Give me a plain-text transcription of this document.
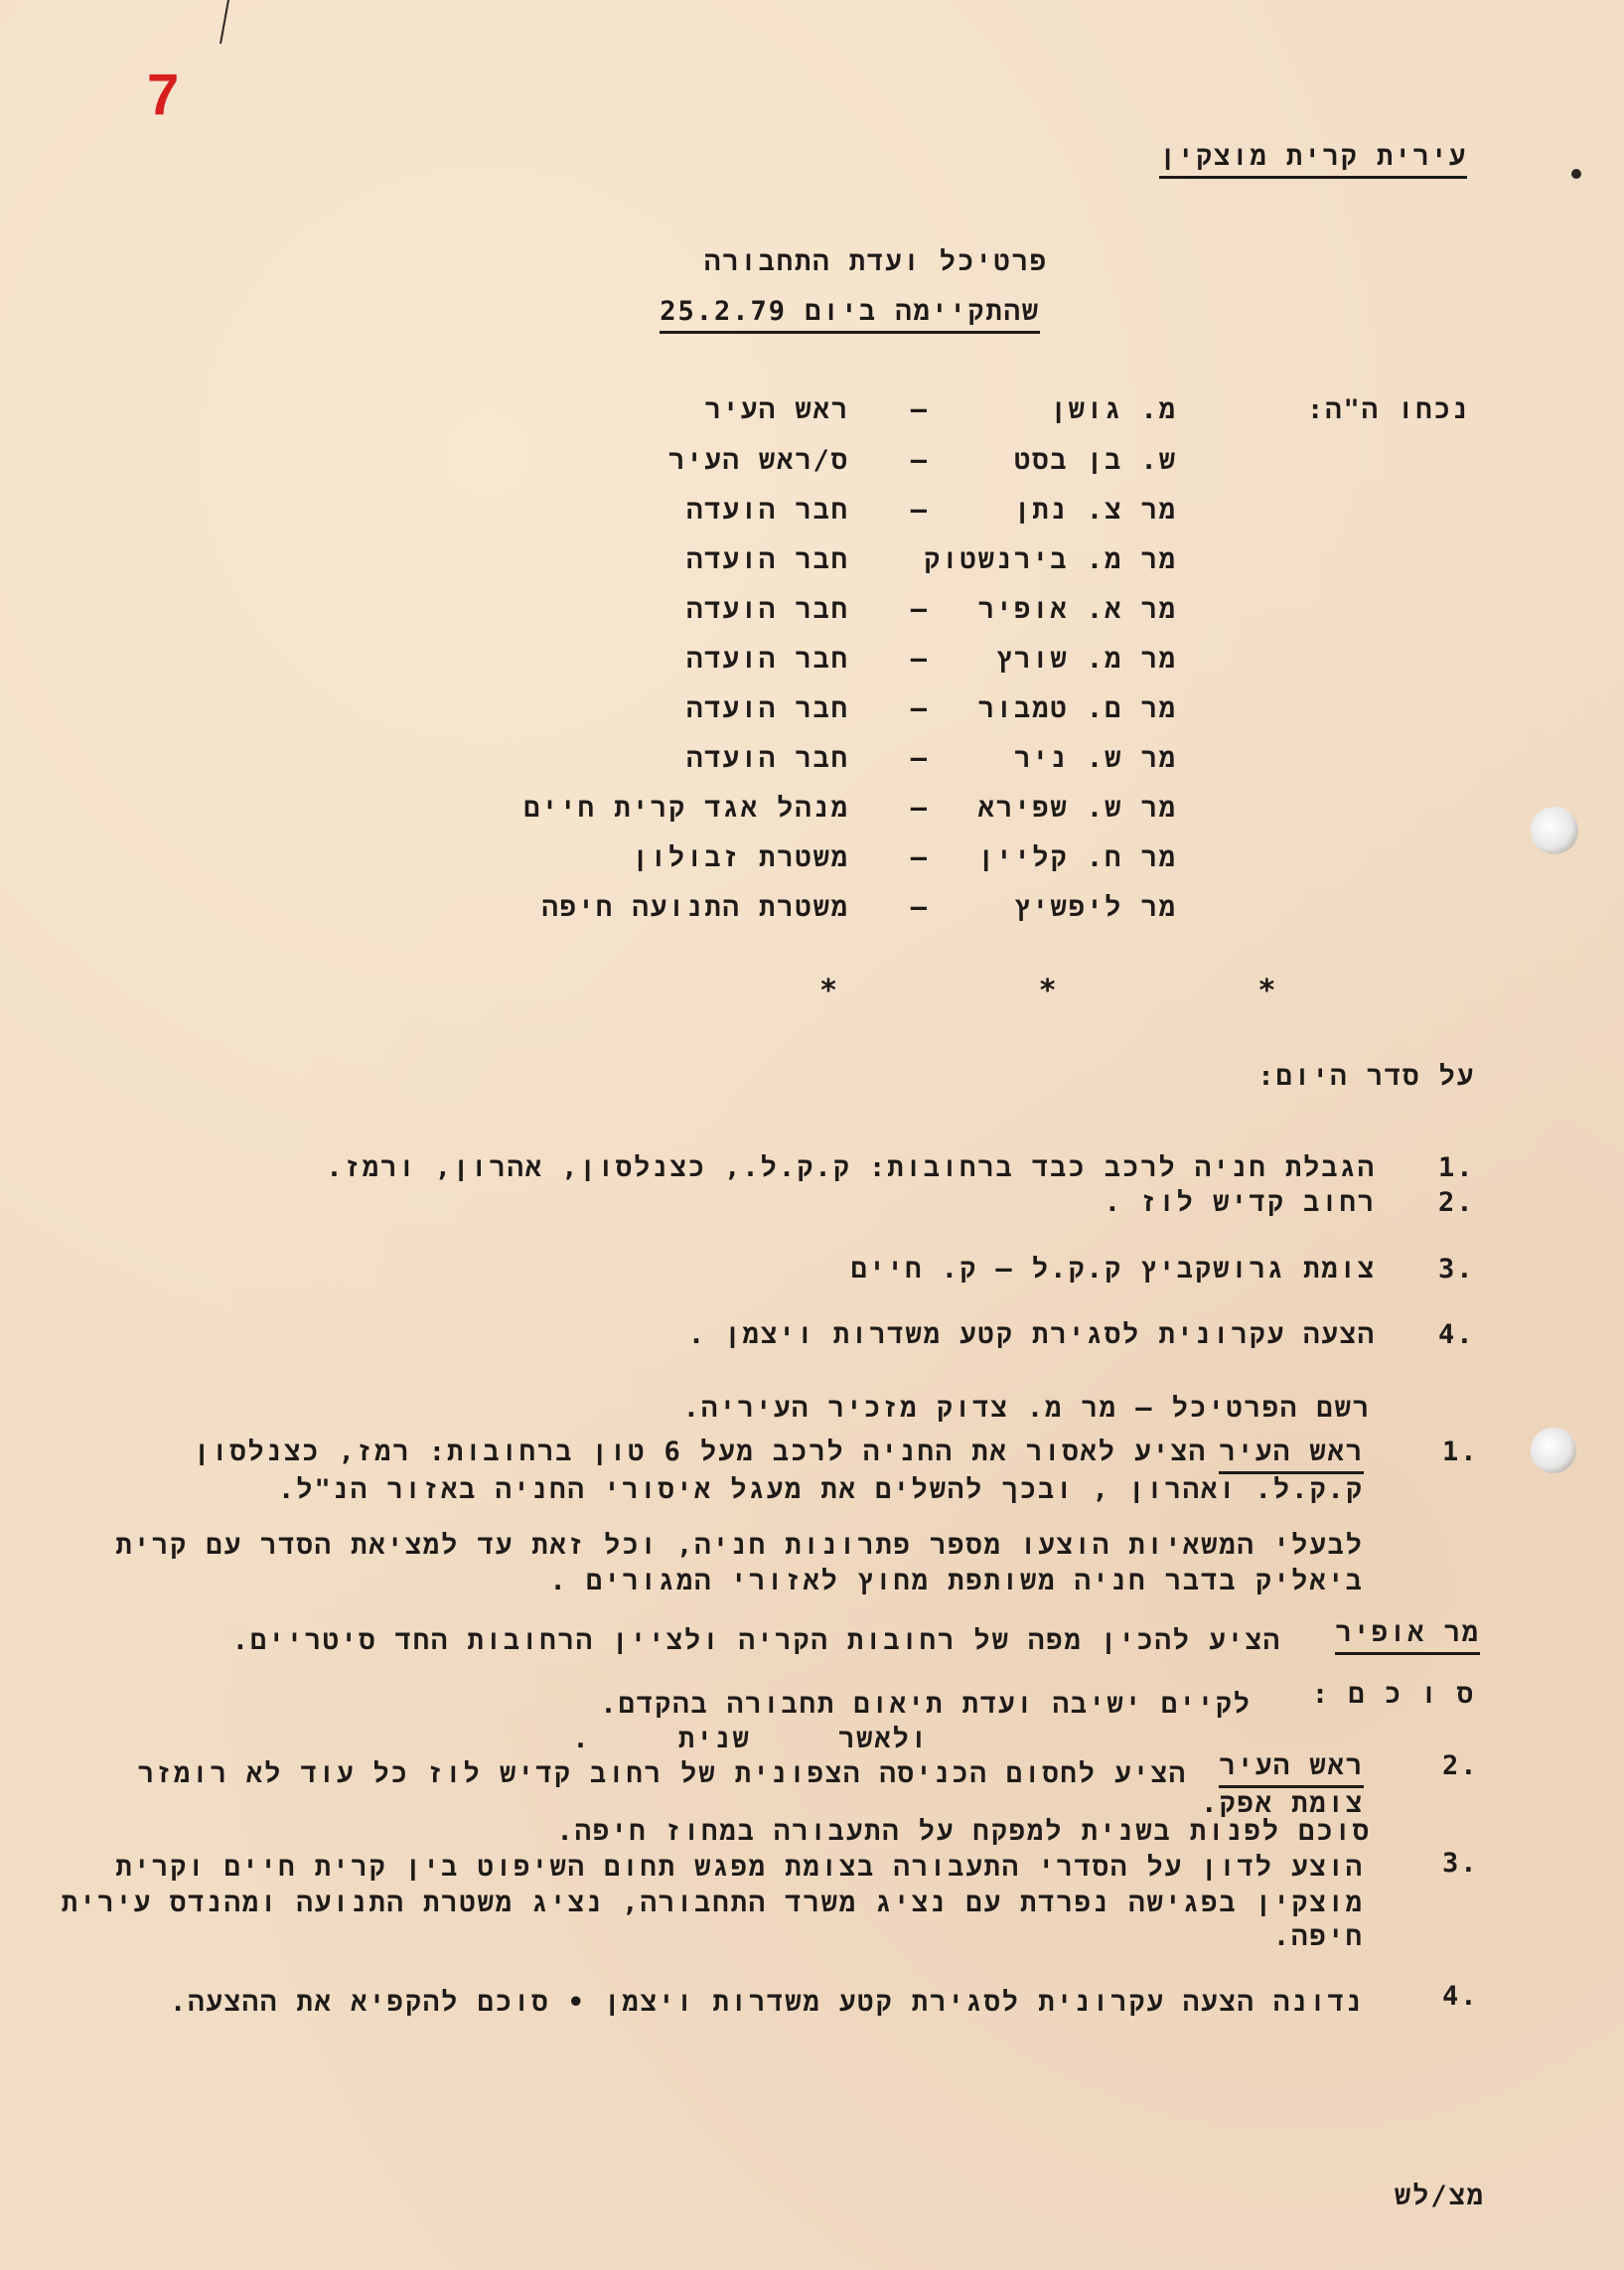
7
עירית קרית מוצקין
פרטיכל ועדת התחבורה
שהתקיימה ביום 25.2.79
נכחו ה"ה:
מ. גושן
–
ראש העיר
ש. בן בסט
–
ס/ראש העיר
מר צ. נתן
–
חבר הועדה
מר מ. בירנשטוק
חבר הועדה
מר א. אופיר
–
חבר הועדה
מר מ. שורץ
–
חבר הועדה
מר ם. טמבור
–
חבר הועדה
מר ש. ניר
–
חבר הועדה
מר ש. שפירא
–
מנהל אגד קרית חיים
מר ח. קליין
–
משטרת זבולון
מר ליפשיץ
–
משטרת התנועה חיפה
*          *          *
על סדר היום:
1.
הגבלת חניה לרכב כבד ברחובות: ק.ק.ל., כצנלסון, אהרון, ורמז.
2.
רחוב קדיש לוז .
3.
צומת גרושקביץ ק.ק.ל – ק. חיים
4.
הצעה עקרונית לסגירת קטע משדרות ויצמן .
רשם הפרטיכל – מר מ. צדוק מזכיר העיריה.
1.
ראש העיר
הציע לאסור את החניה לרכב מעל 6 טון ברחובות: רמז, כצנלסון
ק.ק.ל. ואהרון , ובכך להשלים את מעגל איסורי החניה באזור הנ"ל.
לבעלי המשאיות הוצעו מספר פתרונות חניה, וכל זאת עד למציאת הסדר עם קרית
ביאליק בדבר חניה משותפת מחוץ לאזורי המגורים .
מר אופיר
הציע להכין מפה של רחובות הקריה ולציין הרחובות החד סיטריים.
ס ו כ ם :
לקיים ישיבה ועדת תיאום תחבורה בהקדם.
ולאשר שנית .
2.
ראש העיר
הציע לחסום הכניסה הצפונית של רחוב קדיש לוז כל עוד לא רומזר
צומת אפק.
סוכם לפנות בשנית למפקח על התעבורה במחוז חיפה.
3.
הוצע לדון על הסדרי התעבורה בצומת מפגש תחום השיפוט בין קרית חיים וקרית
מוצקין בפגישה נפרדת עם נציג משרד התחבורה, נציג משטרת התנועה ומהנדס עירית
חיפה.
4.
נדונה הצעה עקרונית לסגירת קטע משדרות ויצמן • סוכם להקפיא את ההצעה.
מצ/לש
